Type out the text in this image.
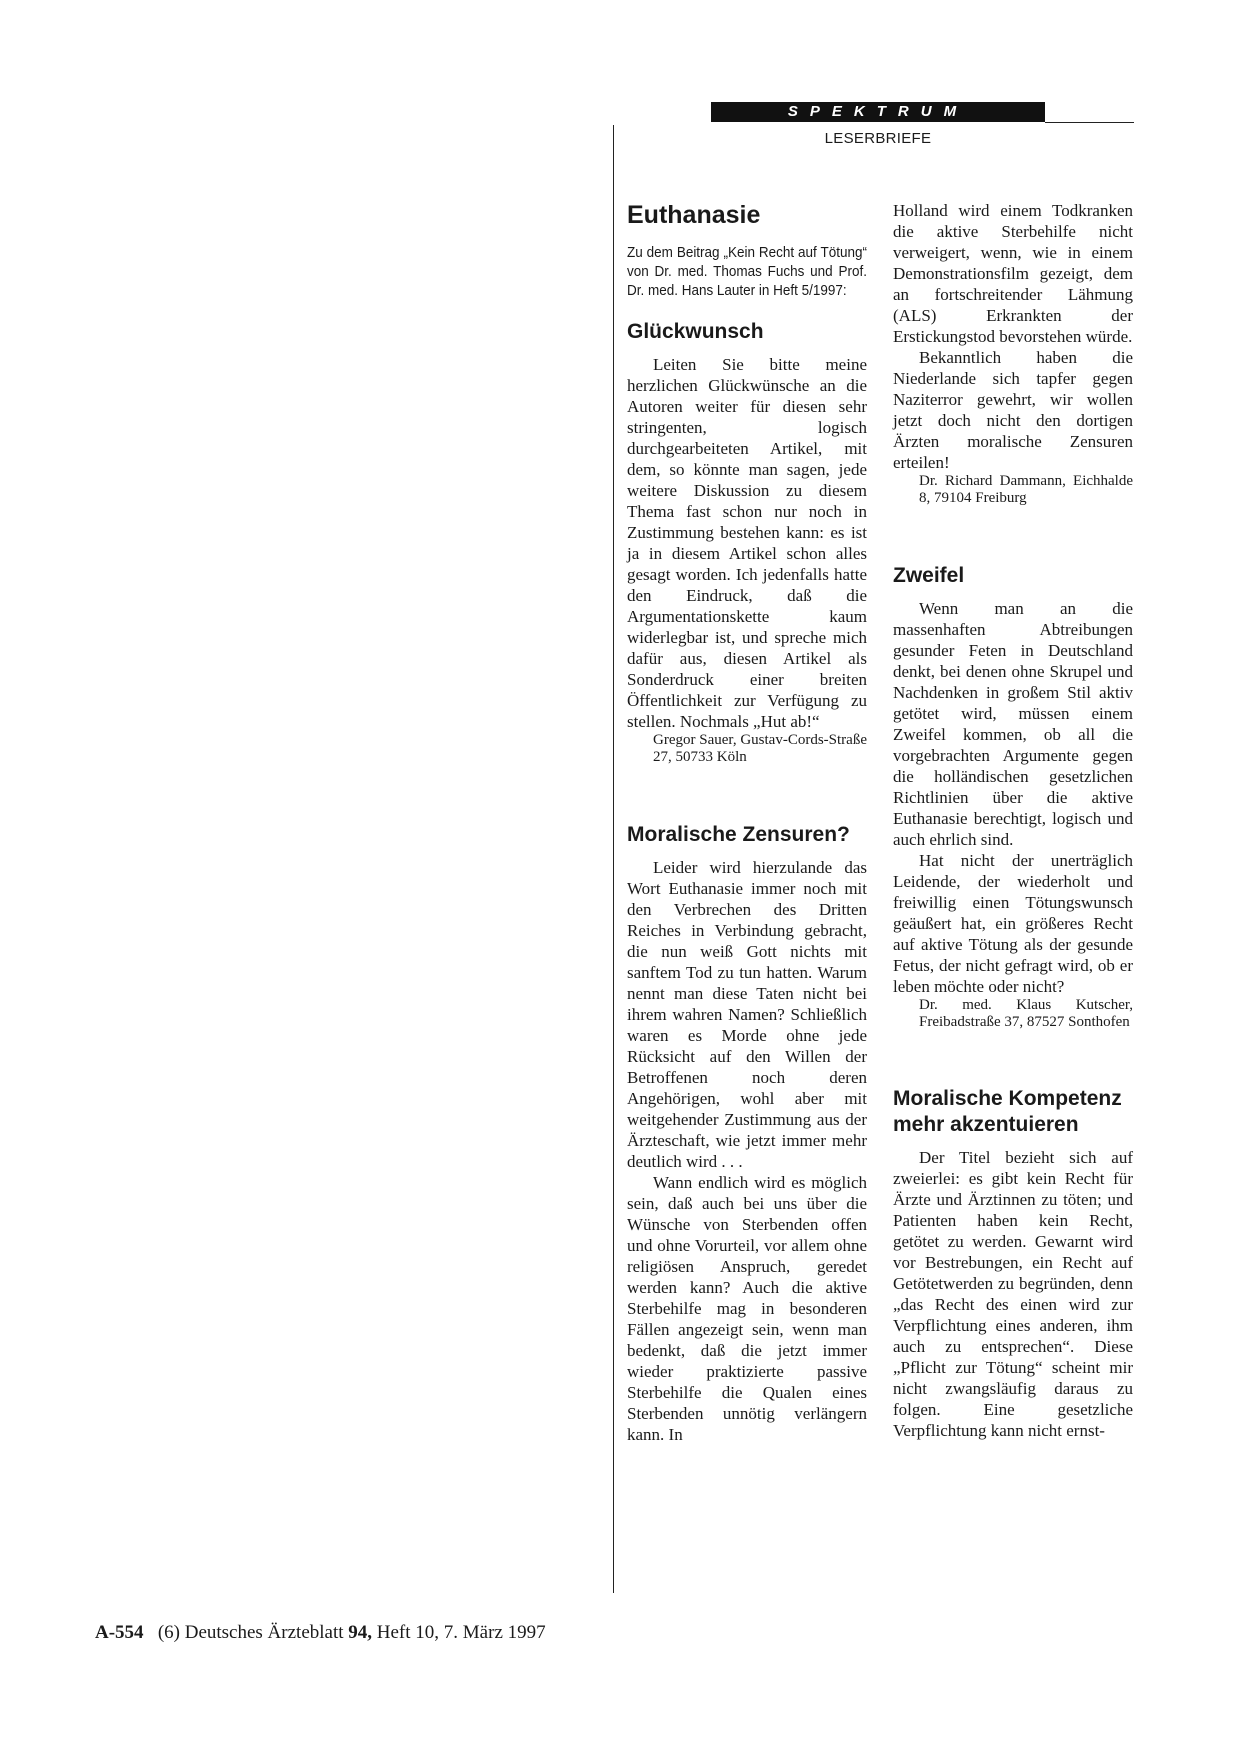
SPEKTRUM
LESERBRIEFE
Euthanasie
Zu dem Beitrag „Kein Recht auf Tötung“ von Dr. med. Thomas Fuchs und Prof. Dr. med. Hans Lauter in Heft 5/1997:
Glückwunsch

Leiten Sie bitte meine herzlichen Glückwünsche an die Autoren weiter für diesen sehr stringenten, logisch durchgearbeiteten Artikel, mit dem, so könnte man sagen, jede weitere Diskussion zu diesem Thema fast schon nur noch in Zustimmung bestehen kann: es ist ja in diesem Artikel schon alles gesagt worden. Ich jedenfalls hatte den Eindruck, daß die Argumentationskette kaum widerlegbar ist, und spreche mich dafür aus, diesen Artikel als Sonderdruck einer breiten Öffentlichkeit zur Verfügung zu stellen. Nochmals „Hut ab!“

Gregor Sauer, Gustav-Cords-Straße 27, 50733 Köln

Moralische Zensuren?

Leider wird hierzulande das Wort Euthanasie immer noch mit den Verbrechen des Dritten Reiches in Verbindung gebracht, die nun weiß Gott nichts mit sanftem Tod zu tun hatten. Warum nennt man diese Taten nicht bei ihrem wahren Namen? Schließlich waren es Morde ohne jede Rücksicht auf den Willen der Betroffenen noch deren Angehörigen, wohl aber mit weitgehender Zustimmung aus der Ärzteschaft, wie jetzt immer mehr deutlich wird . . .

Wann endlich wird es möglich sein, daß auch bei uns über die Wünsche von Sterbenden offen und ohne Vorurteil, vor allem ohne religiösen Anspruch, geredet werden kann? Auch die aktive Sterbehilfe mag in besonderen Fällen angezeigt sein, wenn man bedenkt, daß die jetzt immer wieder praktizierte passive Sterbehilfe die Qualen eines Sterbenden unnötig verlängern kann. In

Holland wird einem Todkranken die aktive Sterbehilfe nicht verweigert, wenn, wie in einem Demonstrationsfilm gezeigt, dem an fortschreitender Lähmung (ALS) Erkrankten der Erstickungstod bevorstehen würde.

Bekanntlich haben die Niederlande sich tapfer gegen Naziterror gewehrt, wir wollen jetzt doch nicht den dortigen Ärzten moralische Zensuren erteilen!

Dr. Richard Dammann, Eichhalde 8, 79104 Freiburg

Zweifel

Wenn man an die massenhaften Abtreibungen gesunder Feten in Deutschland denkt, bei denen ohne Skrupel und Nachdenken in großem Stil aktiv getötet wird, müssen einem Zweifel kommen, ob all die vorgebrachten Argumente gegen die holländischen gesetzlichen Richtlinien über die aktive Euthanasie berechtigt, logisch und auch ehrlich sind.

Hat nicht der unerträglich Leidende, der wiederholt und freiwillig einen Tötungswunsch geäußert hat, ein größeres Recht auf aktive Tötung als der gesunde Fetus, der nicht gefragt wird, ob er leben möchte oder nicht?

Dr. med. Klaus Kutscher, Freibadstraße 37, 87527 Sonthofen

Moralische Kompetenz mehr akzentuieren

Der Titel bezieht sich auf zweierlei: es gibt kein Recht für Ärzte und Ärztinnen zu töten; und Patienten haben kein Recht, getötet zu werden. Gewarnt wird vor Bestrebungen, ein Recht auf Getötetwerden zu begründen, denn „das Recht des einen wird zur Verpflichtung eines anderen, ihm auch zu entsprechen“. Diese „Pflicht zur Tötung“ scheint mir nicht zwangsläufig daraus zu folgen. Eine gesetzliche Verpflichtung kann nicht ernst-

A-554 (6) Deutsches Ärzteblatt 94, Heft 10, 7. März 1997
